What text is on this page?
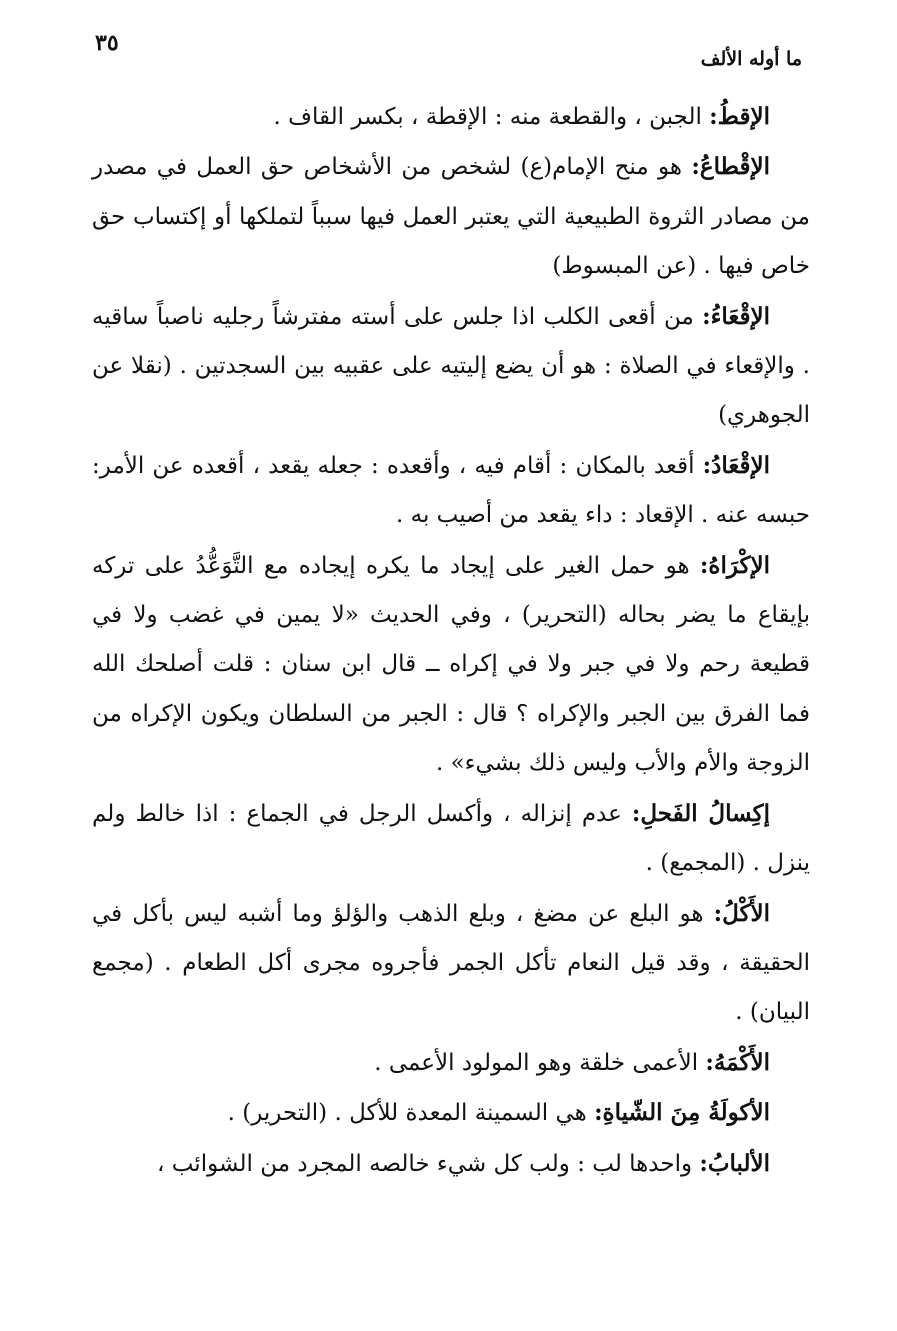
ما أوله الألف
٣٥

الإقطُ: الجبن ، والقطعة منه : الإقطة ، بكسر القاف .

الإقْطاعُ: هو منح الإمام(ع) لشخص من الأشخاص حق العمل في مصدر من مصادر الثروة الطبيعية التي يعتبر العمل فيها سبباً لتملكها أو إكتساب حق خاص فيها . (عن المبسوط)

الإقْعَاءُ: من أقعى الكلب اذا جلس على أسته مفترشاً رجليه ناصباً ساقيه . والإقعاء في الصلاة : هو أن يضع إليتيه على عقبيه بين السجدتين . (نقلا عن الجوهري)

الإقْعَادُ: أقعد بالمكان : أقام فيه ، وأقعده : جعله يقعد ، أقعده عن الأمر: حبسه عنه . الإقعاد : داء يقعد من أصيب به .

الإكْرَاهُ: هو حمل الغير على إيجاد ما يكره إيجاده مع التَّوَعُّدُ على تركه بإيقاع ما يضر بحاله (التحرير) ، وفي الحديث «لا يمين في غضب ولا في قطيعة رحم ولا في جبر ولا في إكراه ــ قال ابن سنان : قلت أصلحك الله فما الفرق بين الجبر والإكراه ؟ قال : الجبر من السلطان ويكون الإكراه من الزوجة والأم والأب وليس ذلك بشيء» .

إكِسالُ الفَحلِ: عدم إنزاله ، وأكسل الرجل في الجماع : اذا خالط ولم ينزل . (المجمع) .

الأَكْلُ: هو البلع عن مضغ ، وبلع الذهب والؤلؤ وما أشبه ليس بأكل في الحقيقة ، وقد قيل النعام تأكل الجمر فأجروه مجرى أكل الطعام . (مجمع البيان) .

الأَكْمَهُ: الأعمى خلقة وهو المولود الأعمى .

الأكولَةُ مِنَ الشّياةِ: هي السمينة المعدة للأكل . (التحرير) .

الألبابُ: واحدها لب : ولب كل شيء خالصه المجرد من الشوائب ،
